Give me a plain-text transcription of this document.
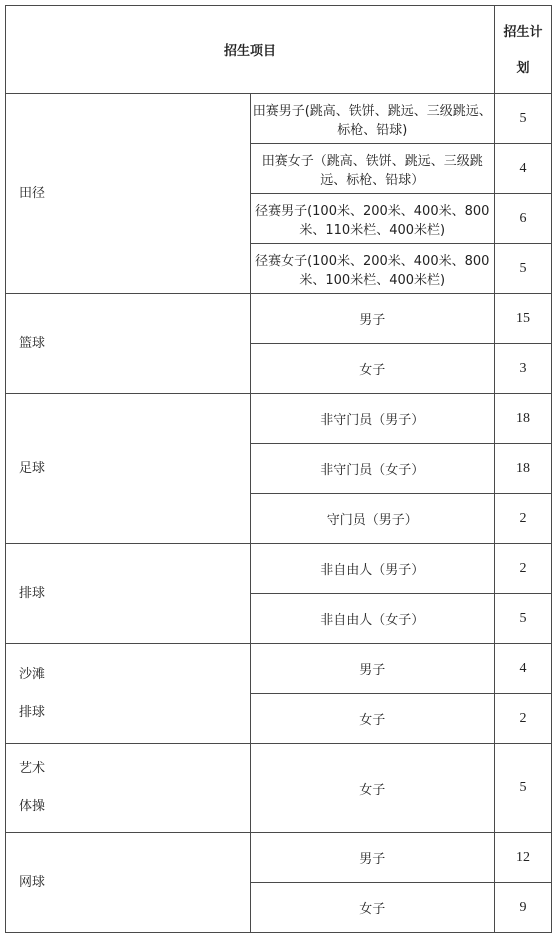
招生项目		招生计
划

田径	田赛男子(跳高、铁饼、跳远、三级跳远、标枪、铅球)	5
	田赛女子（跳高、铁饼、跳远、三级跳远、标枪、铅球）	4
	径赛男子(100米、200米、400米、800米、110米栏、400米栏)	6
	径赛女子(100米、200米、400米、800米、100米栏、400米栏)	5

篮球	男子	15
	女子	3

足球	非守门员（男子）	18
	非守门员（女子）	18
	守门员（男子）	2

排球	非自由人（男子）	2
	非自由人（女子）	5

沙滩
排球	男子	4
	女子	2

艺术
体操	女子	5

网球	男子	12
	女子	9
